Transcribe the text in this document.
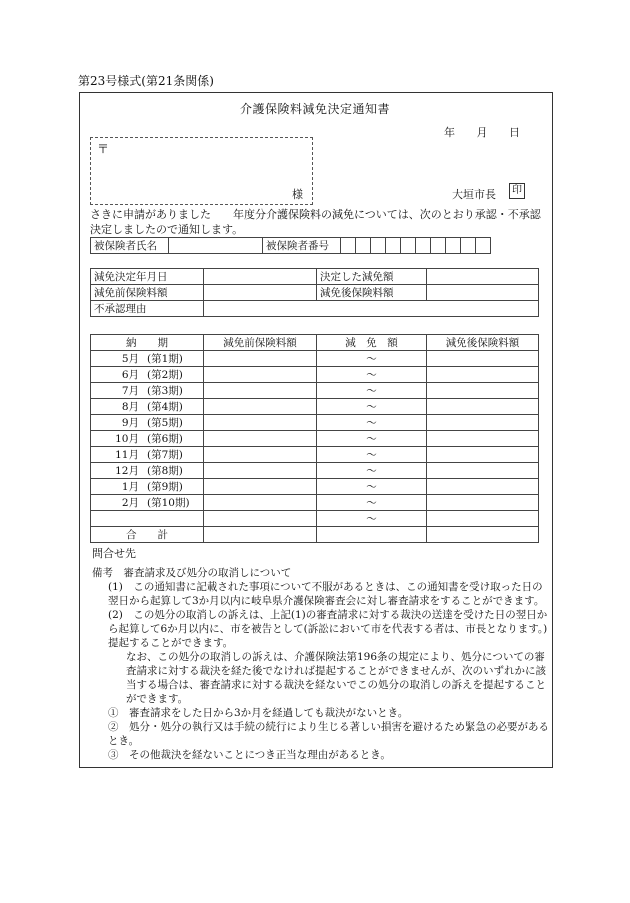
第23号様式(第21条関係)
介護保険料減免決定通知書
年 月 日
〒
様	大垣市長	印
さきに申請がありました　　年度分介護保険料の減免については、次のとおり承認・不承認決定しましたので通知します。
被保険者氏名		被保険者番号										
減免決定年月日		決定した減免額	
減免前保険料額		減免後保険料額	
不承認理由			
納　　期	減免前保険料額	減　免　額	減免後保険料額
5月 (第1期)		～	
6月 (第2期)		～	
7月 (第3期)		～	
8月 (第4期)		～	
9月 (第5期)		～	
10月 (第6期)		～	
11月 (第7期)		～	
12月 (第8期)		～	
1月 (第9期)		～	
2月 (第10期)		～	
		～	
合　　計			
問合せ先

備考　審査請求及び処分の取消しについて

(1)　この通知書に記載された事項について不服があるときは、この通知書を受け取った日の翌日から起算して3か月以内に岐阜県介護保険審査会に対し審査請求をすることができます。

(2)　この処分の取消しの訴えは、上記(1)の審査請求に対する裁決の送達を受けた日の翌日から起算して6か月以内に、市を被告として(訴訟において市を代表する者は、市長となります。)提起することができます。

なお、この処分の取消しの訴えは、介護保険法第196条の規定により、処分についての審査請求に対する裁決を経た後でなければ提起することができませんが、次のいずれかに該当する場合は、審査請求に対する裁決を経ないでこの処分の取消しの訴えを提起することができます。

①　審査請求をした日から3か月を経過しても裁決がないとき。

②　処分・処分の執行又は手続の続行により生じる著しい損害を避けるため緊急の必要があるとき。

③　その他裁決を経ないことにつき正当な理由があるとき。
